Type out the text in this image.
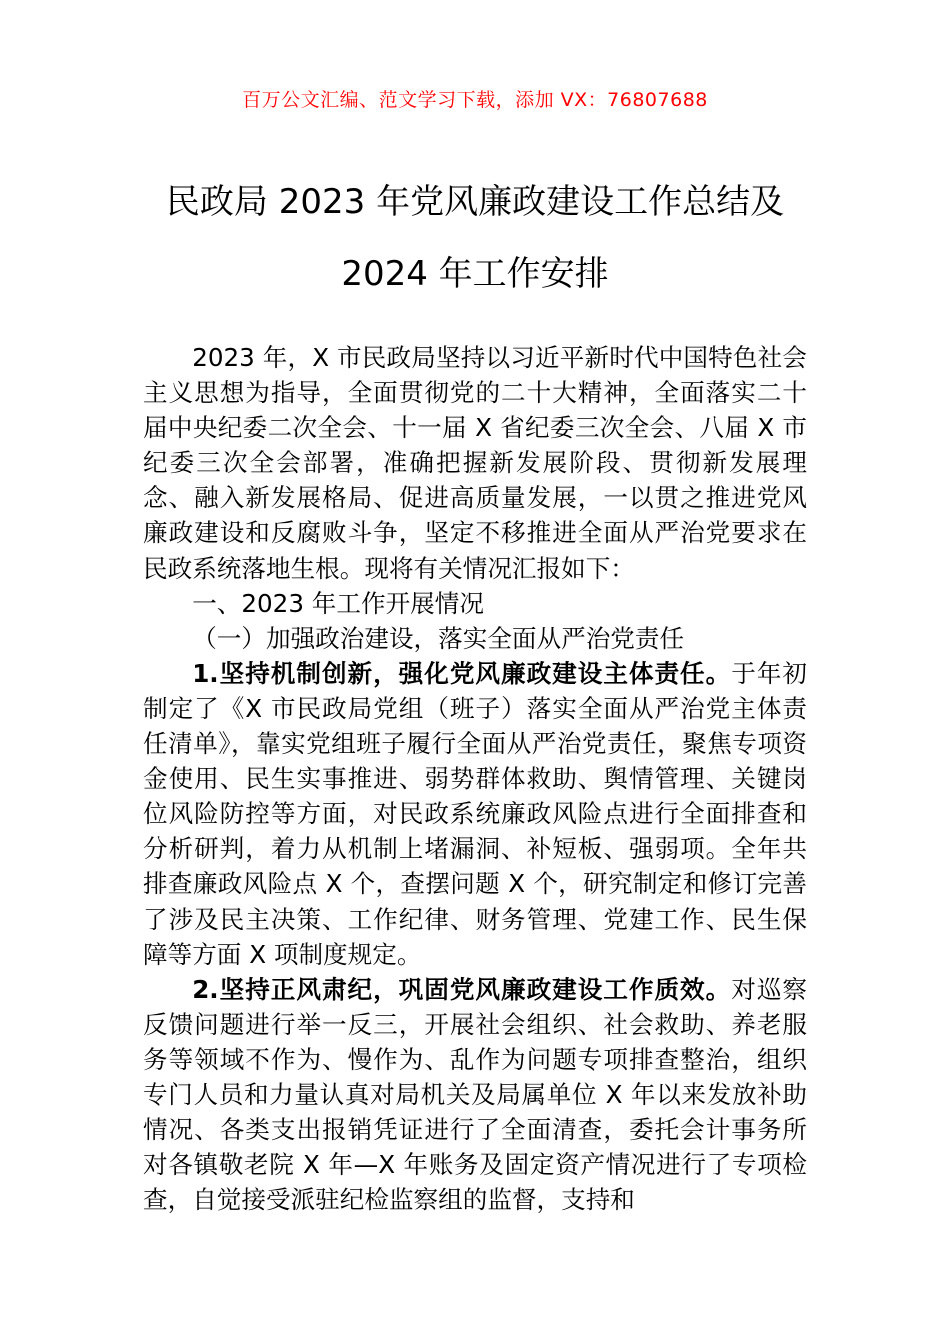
百万公文汇编、范文学习下载，添加 VX：76807688
民政局 2023 年党风廉政建设工作总结及
2024 年工作安排

2023 年，X 市民政局坚持以习近平新时代中国特色社会主义思想为指导，全面贯彻党的二十大精神，全面落实二十届中央纪委二次全会、十一届 X 省纪委三次全会、八届 X 市纪委三次全会部署，准确把握新发展阶段、贯彻新发展理念、融入新发展格局、促进高质量发展，一以贯之推进党风廉政建设和反腐败斗争，坚定不移推进全面从严治党要求在民政系统落地生根。现将有关情况汇报如下：

一、2023 年工作开展情况

（一）加强政治建设，落实全面从严治党责任

1.坚持机制创新，强化党风廉政建设主体责任。于年初制定了《X 市民政局党组（班子）落实全面从严治党主体责任清单》，靠实党组班子履行全面从严治党责任，聚焦专项资金使用、民生实事推进、弱势群体救助、舆情管理、关键岗位风险防控等方面，对民政系统廉政风险点进行全面排查和分析研判，着力从机制上堵漏洞、补短板、强弱项。全年共排查廉政风险点 X 个，查摆问题 X 个，研究制定和修订完善了涉及民主决策、工作纪律、财务管理、党建工作、民生保障等方面 X 项制度规定。

2.坚持正风肃纪，巩固党风廉政建设工作质效。对巡察反馈问题进行举一反三，开展社会组织、社会救助、养老服务等领域不作为、慢作为、乱作为问题专项排查整治，组织专门人员和力量认真对局机关及局属单位 X 年以来发放补助情况、各类支出报销凭证进行了全面清查，委托会计事务所对各镇敬老院 X 年—X 年账务及固定资产情况进行了专项检查，自觉接受派驻纪检监察组的监督，支持和
